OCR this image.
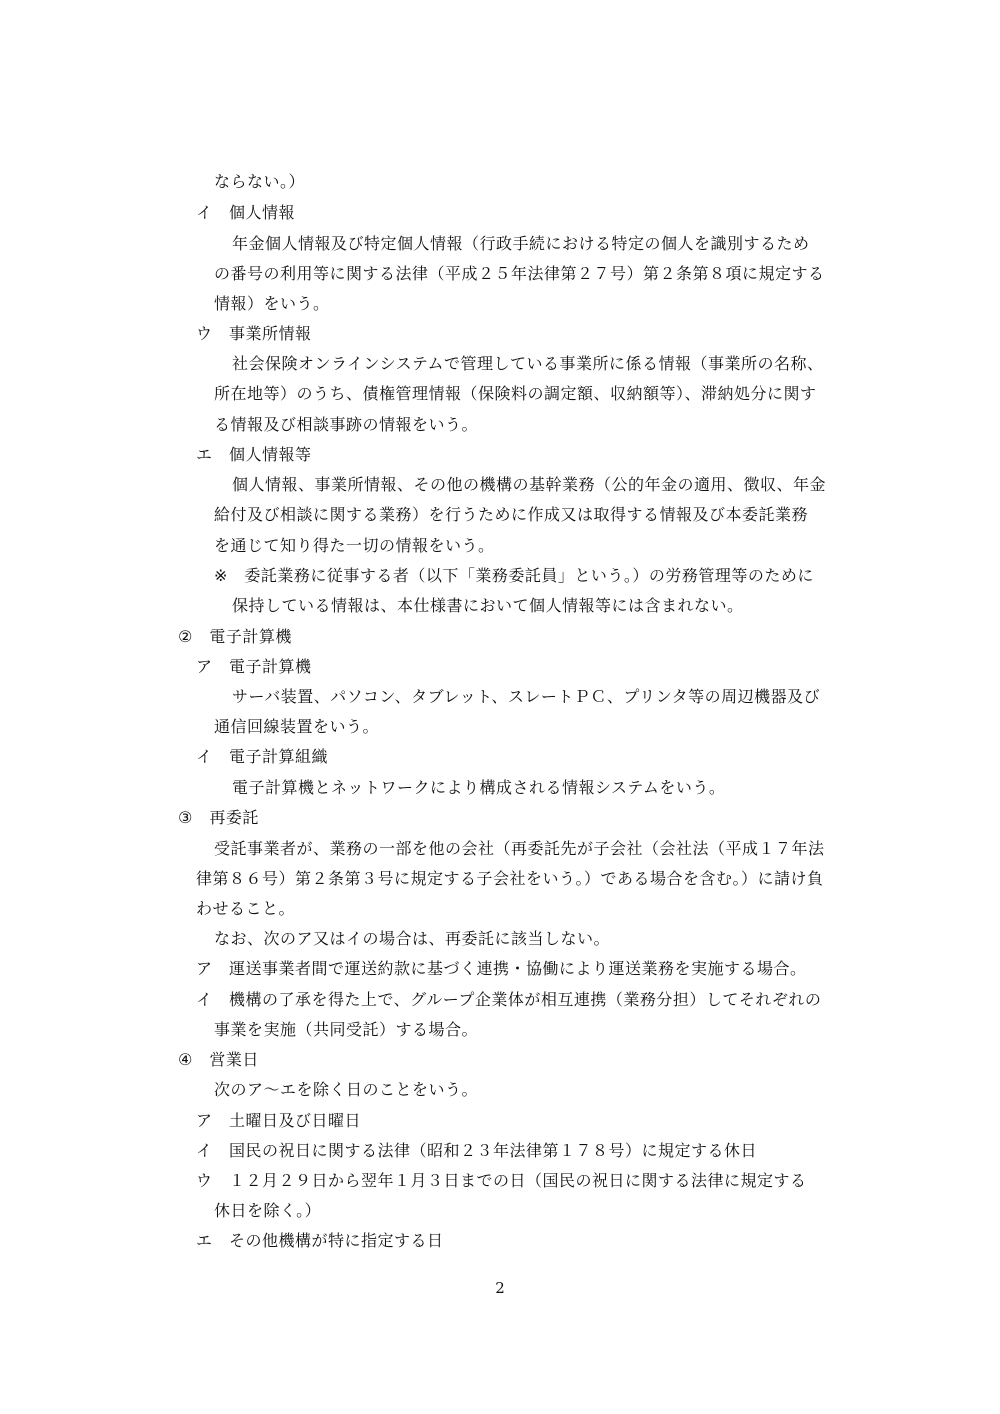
ならない。）
イ　個人情報
年金個人情報及び特定個人情報（行政手続における特定の個人を識別するため
の番号の利用等に関する法律（平成２５年法律第２７号）第２条第８項に規定する
情報）をいう。
ウ　事業所情報
社会保険オンラインシステムで管理している事業所に係る情報（事業所の名称、
所在地等）のうち、債権管理情報（保険料の調定額、収納額等）、滞納処分に関す
る情報及び相談事跡の情報をいう。
エ　個人情報等
個人情報、事業所情報、その他の機構の基幹業務（公的年金の適用、徴収、年金
給付及び相談に関する業務）を行うために作成又は取得する情報及び本委託業務
を通じて知り得た一切の情報をいう。
※　委託業務に従事する者（以下「業務委託員」という。）の労務管理等のために
保持している情報は、本仕様書において個人情報等には含まれない。
②　電子計算機
ア　電子計算機
サーバ装置、パソコン、タブレット、スレートＰＣ、プリンタ等の周辺機器及び
通信回線装置をいう。
イ　電子計算組織
電子計算機とネットワークにより構成される情報システムをいう。
③　再委託
受託事業者が、業務の一部を他の会社（再委託先が子会社（会社法（平成１７年法
律第８６号）第２条第３号に規定する子会社をいう。）である場合を含む。）に請け負
わせること。
なお、次のア又はイの場合は、再委託に該当しない。
ア　運送事業者間で運送約款に基づく連携・協働により運送業務を実施する場合。
イ　機構の了承を得た上で、グループ企業体が相互連携（業務分担）してそれぞれの
事業を実施（共同受託）する場合。
④　営業日
次のア～エを除く日のことをいう。
ア　土曜日及び日曜日
イ　国民の祝日に関する法律（昭和２３年法律第１７８号）に規定する休日
ウ　１２月２９日から翌年１月３日までの日（国民の祝日に関する法律に規定する
休日を除く。）
エ　その他機構が特に指定する日
2
